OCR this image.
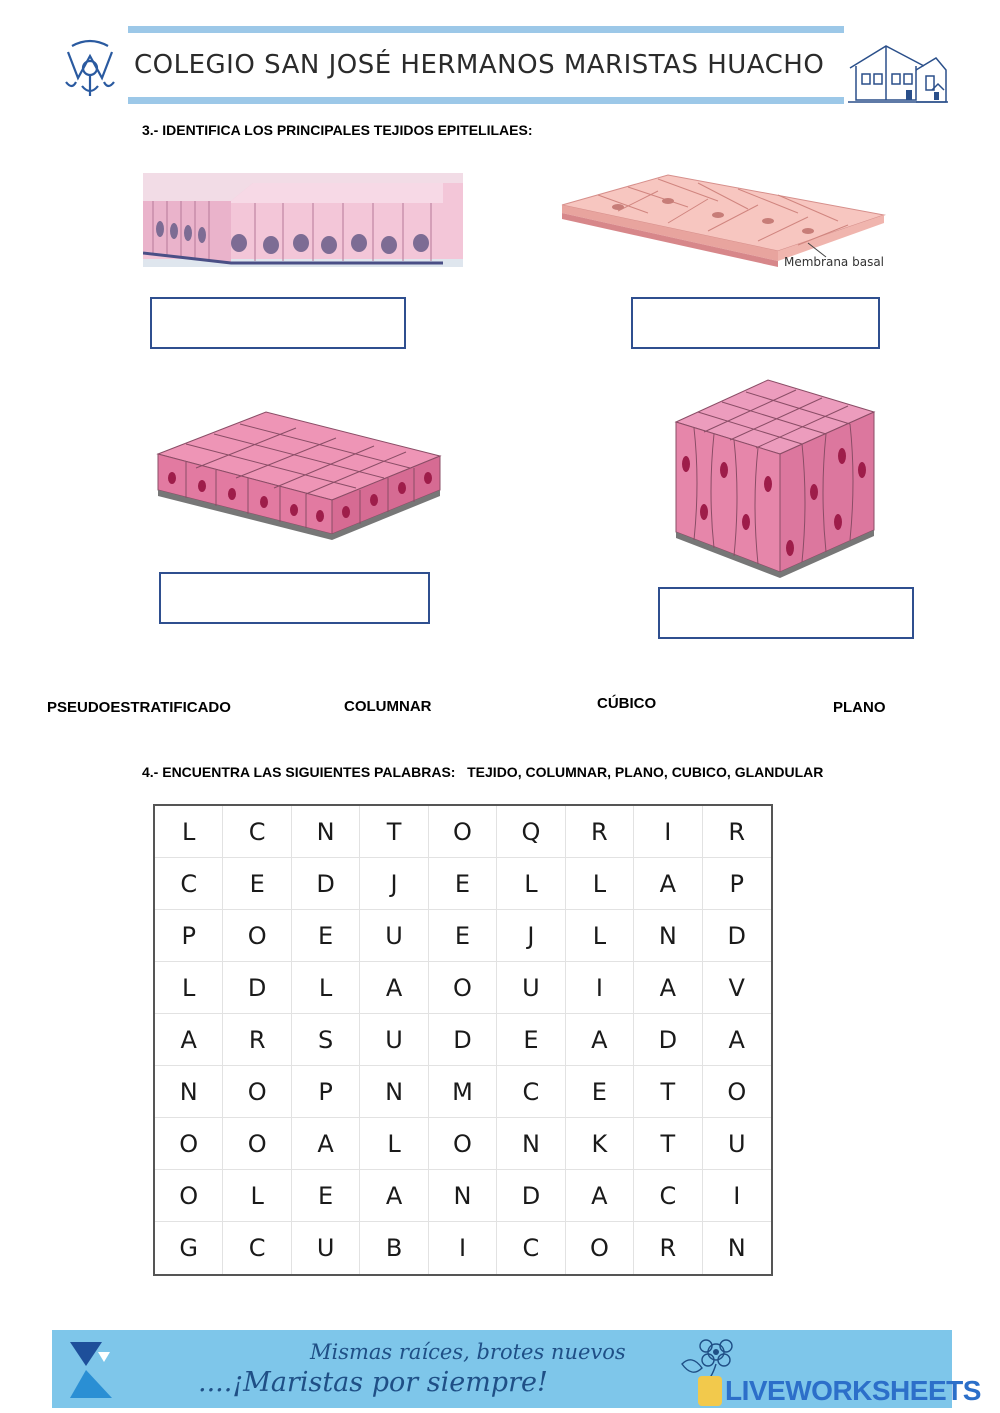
COLEGIO SAN JOSÉ HERMANOS MARISTAS HUACHO
3.- IDENTIFICA LOS PRINCIPALES TEJIDOS EPITELILAES:
Membrana basal
PSEUDOESTRATIFICADO	COLUMNAR	CÚBICO	PLANO
4.- ENCUENTRA LAS SIGUIENTES PALABRAS:   TEJIDO, COLUMNAR, PLANO, CUBICO, GLANDULAR
L	C	N	T	O	Q	R	I	R
C	E	D	J	E	L	L	A	P
P	O	E	U	E	J	L	N	D
L	D	L	A	O	U	I	A	V
A	R	S	U	D	E	A	D	A
N	O	P	N	M	C	E	T	O
O	O	A	L	O	N	K	T	U
O	L	E	A	N	D	A	C	I
G	C	U	B	I	C	O	R	N
Mismas raíces, brotes nuevos
....¡Maristas por siempre!	LIVEWORKSHEETS
